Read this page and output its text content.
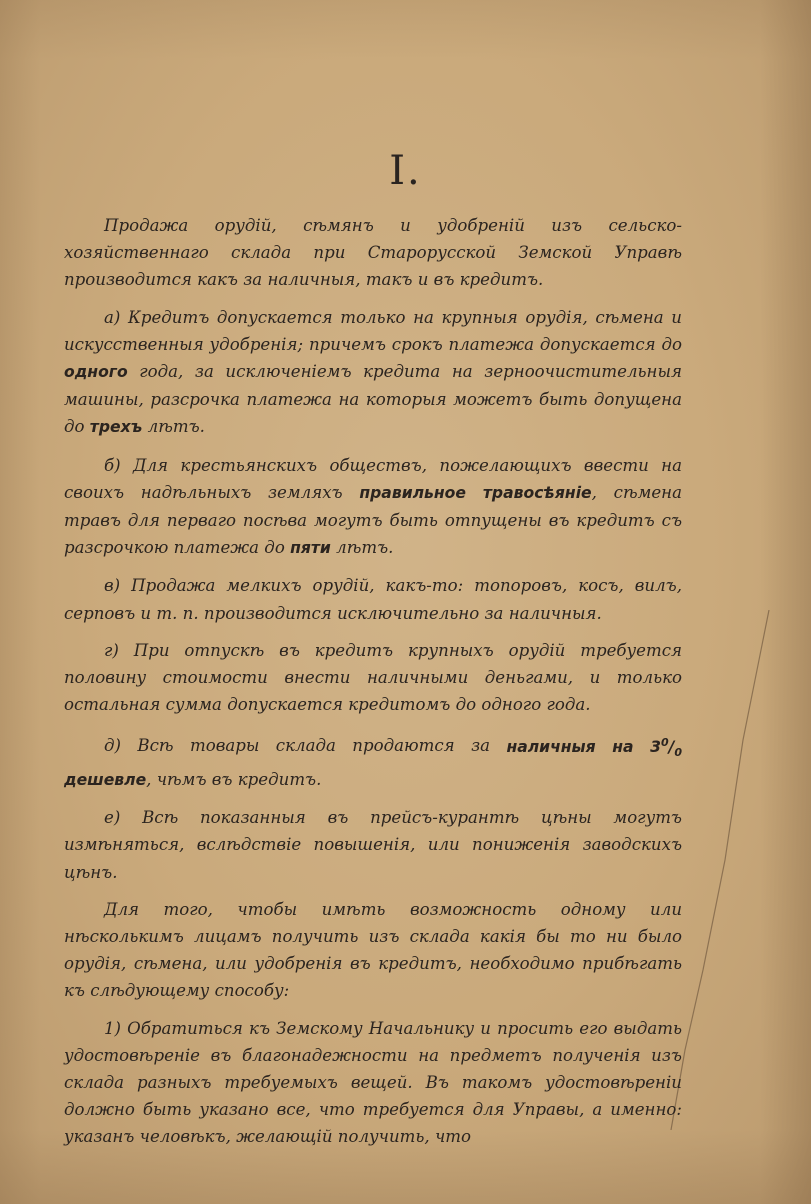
I.

Продажа орудій, сѣмянъ и удобреній изъ сельско-хозяйственнаго склада при Старорусской Земской Управѣ производится какъ за наличныя, такъ и въ кредитъ.

а) Кредитъ допускается только на крупныя орудія, сѣмена и искусственныя удобренія; причемъ срокъ платежа допускается до одного года, за исключеніемъ кредита на зерноочистительныя машины, разсрочка платежа на которыя можетъ быть допущена до трехъ лѣтъ.

б) Для крестьянскихъ обществъ, пожелающихъ ввести на своихъ надѣльныхъ земляхъ правильное травосѣяніе, сѣмена травъ для перваго посѣва могутъ быть отпущены въ кредитъ съ разсрочкою платежа до пяти лѣтъ.

в) Продажа мелкихъ орудій, какъ-то: топоровъ, косъ, вилъ, серповъ и т. п. производится исключительно за наличныя.

г) При отпускѣ въ кредитъ крупныхъ орудій требуется половину стоимости внести наличными деньгами, и только остальная сумма допускается кредитомъ до одного года.

д) Всѣ товары склада продаются за наличныя на $3^0/_0$ дешевле, чѣмъ въ кредитъ.

е) Всѣ показанныя въ прейсъ-курантѣ цѣны могутъ измѣняться, вслѣдствіе повышенія, или пониженія заводскихъ цѣнъ.

Для того, чтобы имѣть возможность одному или нѣсколькимъ лицамъ получить изъ склада какія бы то ни было орудія, сѣмена, или удобренія въ кредитъ, необходимо прибѣгать къ слѣдующему способу:

1) Обратиться къ Земскому Начальнику и просить его выдать удостовѣреніе въ благонадежности на предметъ полученія изъ склада разныхъ требуемыхъ вещей. Въ такомъ удостовѣреніи должно быть указано все, что требуется для Управы, а именно: указанъ человѣкъ, желающій получить, что
